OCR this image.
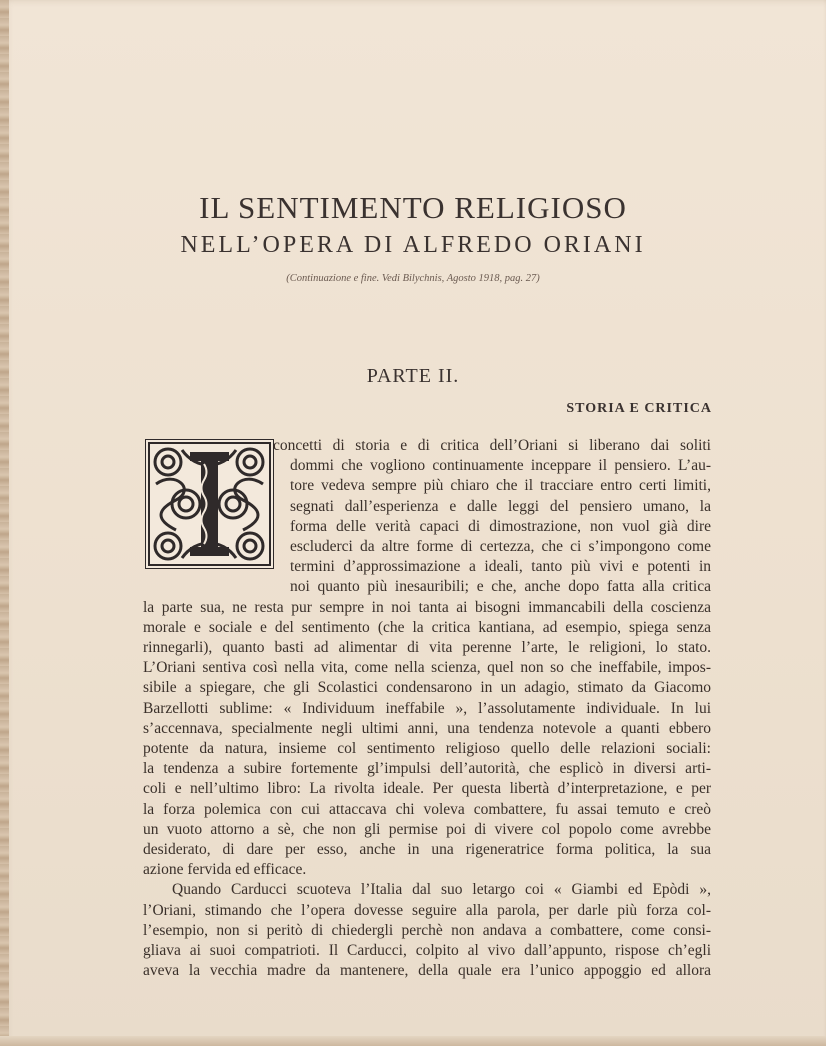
IL SENTIMENTO RELIGIOSO
NELL’OPERA DI ALFREDO ORIANI
(Continuazione e fine. Vedi Bilychnis, Agosto 1918, pag. 27)
PARTE II.
STORIA E CRITICA
concetti di storia e di critica dell’Oriani si liberano dai soliti
dommi che vogliono continuamente inceppare il pensiero. L’au-
tore vedeva sempre più chiaro che il tracciare entro certi limiti,
segnati dall’esperienza e dalle leggi del pensiero umano, la
forma delle verità capaci di dimostrazione, non vuol già dire
escluderci da altre forme di certezza, che ci s’impongono come
termini d’approssimazione a ideali, tanto più vivi e potenti in
noi quanto più inesauribili; e che, anche dopo fatta alla critica
la parte sua, ne resta pur sempre in noi tanta ai bisogni immancabili della coscienza
morale e sociale e del sentimento (che la critica kantiana, ad esempio, spiega senza
rinnegarli), quanto basti ad alimentar di vita perenne l’arte, le religioni, lo stato.
L’Oriani sentiva così nella vita, come nella scienza, quel non so che ineffabile, impos-
sibile a spiegare, che gli Scolastici condensarono in un adagio, stimato da Giacomo
Barzellotti sublime: « Individuum ineffabile », l’assolutamente individuale. In lui
s’accennava, specialmente negli ultimi anni, una tendenza notevole a quanti ebbero
potente da natura, insieme col sentimento religioso quello delle relazioni sociali:
la tendenza a subire fortemente gl’impulsi dell’autorità, che esplicò in diversi arti-
coli e nell’ultimo libro: La rivolta ideale. Per questa libertà d’interpretazione, e per
la forza polemica con cui attaccava chi voleva combattere, fu assai temuto e creò
un vuoto attorno a sè, che non gli permise poi di vivere col popolo come avrebbe
desiderato, di dare per esso, anche in una rigeneratrice forma politica, la sua
azione fervida ed efficace.
Quando Carducci scuoteva l’Italia dal suo letargo coi « Giambi ed Epòdi »,
l’Oriani, stimando che l’opera dovesse seguire alla parola, per darle più forza col-
l’esempio, non si peritò di chiedergli perchè non andava a combattere, come consi-
gliava ai suoi compatrioti. Il Carducci, colpito al vivo dall’appunto, rispose ch’egli
aveva la vecchia madre da mantenere, della quale era l’unico appoggio ed allora
